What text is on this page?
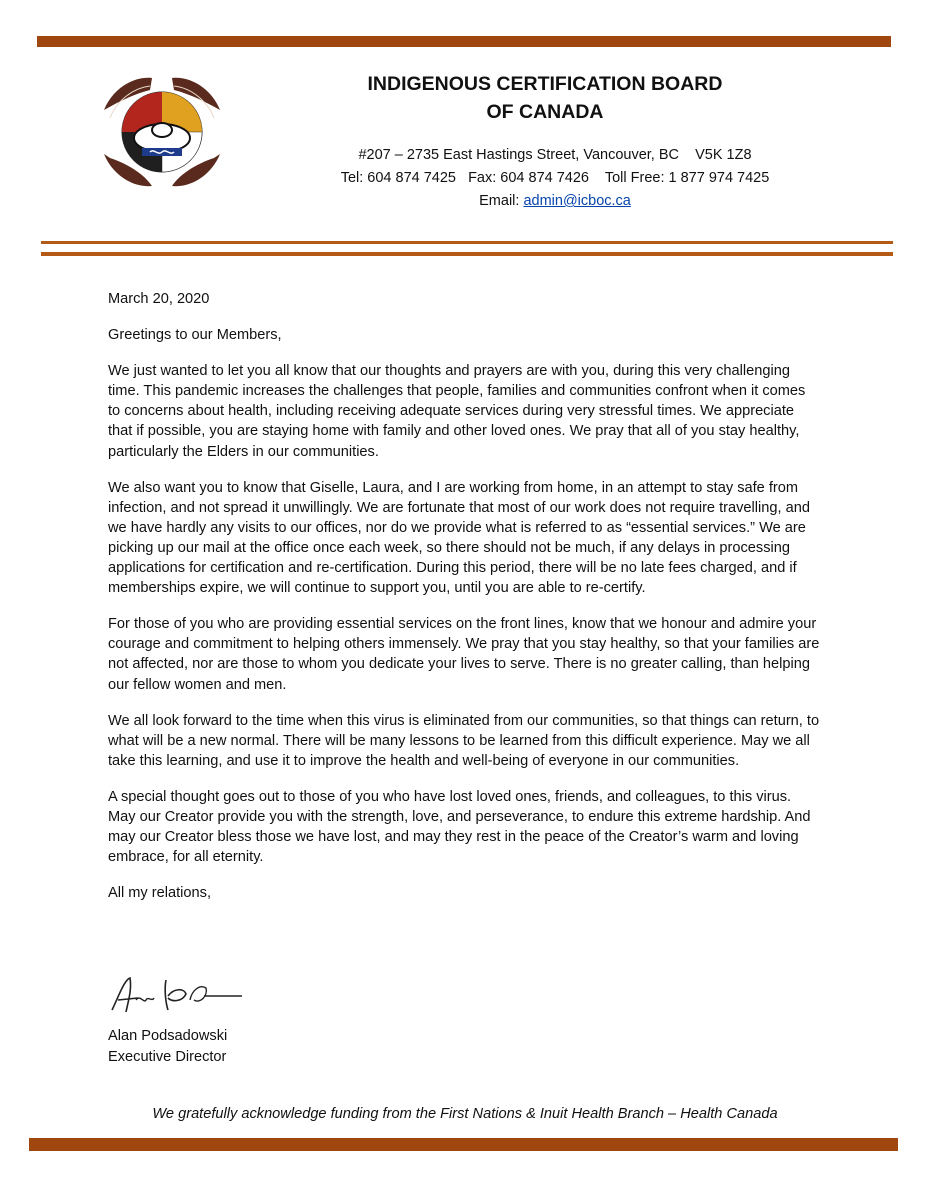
INDIGENOUS CERTIFICATION BOARD
OF CANADA
#207 – 2735 East Hastings Street, Vancouver, BC    V5K 1Z8
Tel: 604 874 7425   Fax: 604 874 7426    Toll Free: 1 877 974 7425
Email: admin@icboc.ca

March 20, 2020

Greetings to our Members,

We just wanted to let you all know that our thoughts and prayers are with you, during this very challenging time. This pandemic increases the challenges that people, families and communities confront when it comes to concerns about health, including receiving adequate services during very stressful times. We appreciate that if possible, you are staying home with family and other loved ones. We pray that all of you stay healthy, particularly the Elders in our communities.

We also want you to know that Giselle, Laura, and I are working from home, in an attempt to stay safe from infection, and not spread it unwillingly. We are fortunate that most of our work does not require travelling, and we have hardly any visits to our offices, nor do we provide what is referred to as “essential services.” We are picking up our mail at the office once each week, so there should not be much, if any delays in processing applications for certification and re-certification. During this period, there will be no late fees charged, and if memberships expire, we will continue to support you, until you are able to re-certify.

For those of you who are providing essential services on the front lines, know that we honour and admire your courage and commitment to helping others immensely. We pray that you stay healthy, so that your families are not affected, nor are those to whom you dedicate your lives to serve. There is no greater calling, than helping our fellow women and men.

We all look forward to the time when this virus is eliminated from our communities, so that things can return, to what will be a new normal. There will be many lessons to be learned from this difficult experience. May we all take this learning, and use it to improve the health and well-being of everyone in our communities.

A special thought goes out to those of you who have lost loved ones, friends, and colleagues, to this virus. May our Creator provide you with the strength, love, and perseverance, to endure this extreme hardship. And may our Creator bless those we have lost, and may they rest in the peace of the Creator’s warm and loving embrace, for all eternity.

All my relations,

Alan Podsadowski
Executive Director
We gratefully acknowledge funding from the First Nations & Inuit Health Branch – Health Canada
